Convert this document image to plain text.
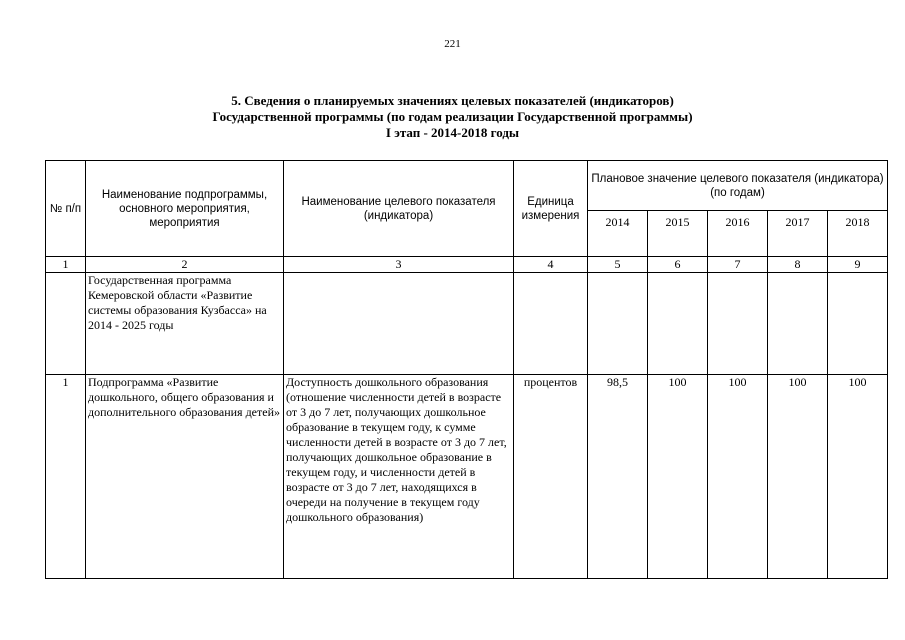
221
5. Сведения о планируемых значениях целевых показателей (индикаторов)
Государственной программы (по годам реализации Государственной программы)
I этап - 2014-2018 годы
№ п/п	Наименование подпрограммы, основного мероприятия, мероприятия	Наименование целевого показателя (индикатора)	Единица измерения	Плановое значение целевого показателя (индикатора) (по годам)				
				2014	2015	2016	2017	2018
1	2	3	4	5	6	7	8	9
	Государственная программа Кемеровской области «Развитие системы образования Кузбасса» на 2014 - 2025 годы							
1	Подпрограмма «Развитие дошкольного, общего образования и дополнительного образования детей»	Доступность дошкольного образования (отношение численности детей в возрасте от 3 до 7 лет, получающих дошкольное образование в текущем году, к сумме численности детей в возрасте от 3 до 7 лет, получающих дошкольное образование в текущем году, и численности детей в возрасте от 3 до 7 лет, находящихся в очереди на получение в текущем году дошкольного образования)	процентов	98,5	100	100	100	100
